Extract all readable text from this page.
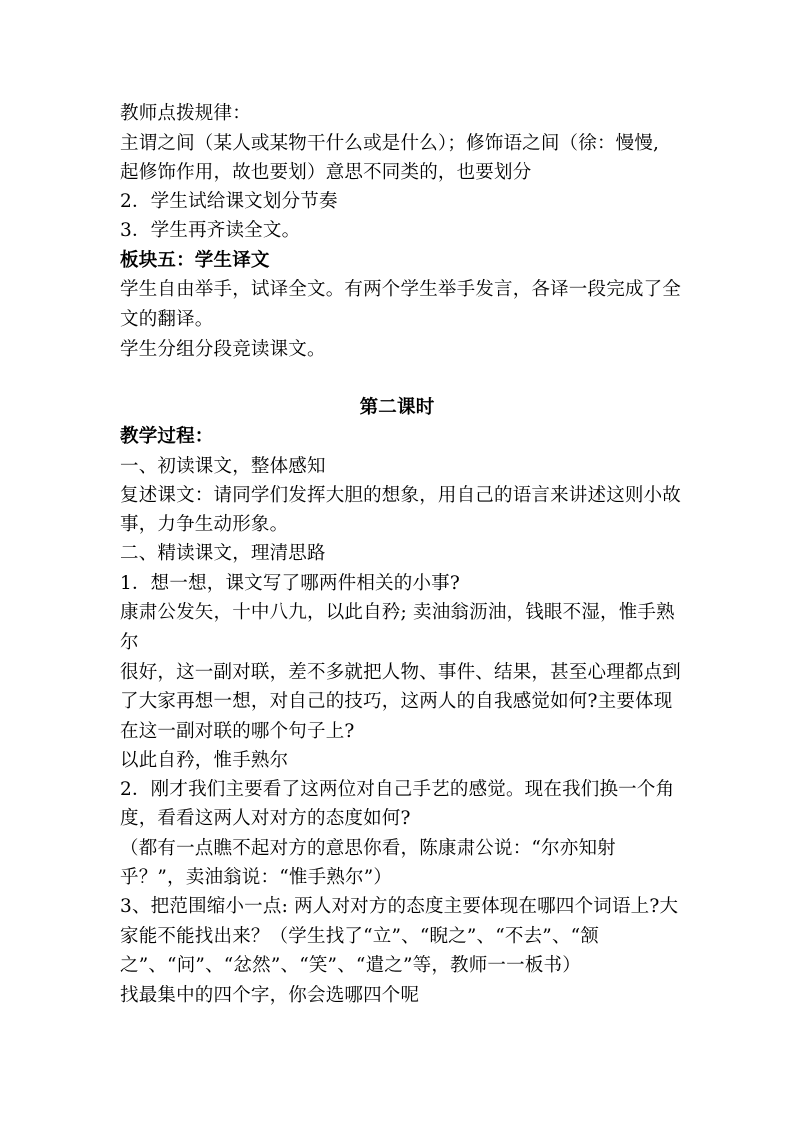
教师点拨规律：
主谓之间（某人或某物干什么或是什么）；修饰语之间（徐：慢慢,
起修饰作用，故也要划）意思不同类的，也要划分
2．学生试给课文划分节奏
3．学生再齐读全文。
板块五：学生译文
学生自由举手，试译全文。有两个学生举手发言，各译一段完成了全
文的翻译。
学生分组分段竞读课文。
第二课时
教学过程：
一、初读课文，整体感知
复述课文：请同学们发挥大胆的想象，用自己的语言来讲述这则小故
事，力争生动形象。
二、精读课文，理清思路
1．想一想，课文写了哪两件相关的小事?
康肃公发矢，十中八九，以此自矜; 卖油翁沥油，钱眼不湿，惟手熟
尔
很好，这一副对联，差不多就把人物、事件、结果，甚至心理都点到
了大家再想一想，对自己的技巧，这两人的自我感觉如何?主要体现
在这一副对联的哪个句子上?
以此自矜，惟手熟尔
2．刚才我们主要看了这两位对自己手艺的感觉。现在我们换一个角
度，看看这两人对对方的态度如何?
（都有一点瞧不起对方的意思你看，陈康肃公说：“尔亦知射
乎？”，卖油翁说：“惟手熟尔”）
3、把范围缩小一点: 两人对对方的态度主要体现在哪四个词语上?大
家能不能找出来？（学生找了“立”、“睨之”、“不去”、“颔
之”、“问”、“忿然”、“笑”、“遣之”等，教师一一板书）
找最集中的四个字，你会选哪四个呢
